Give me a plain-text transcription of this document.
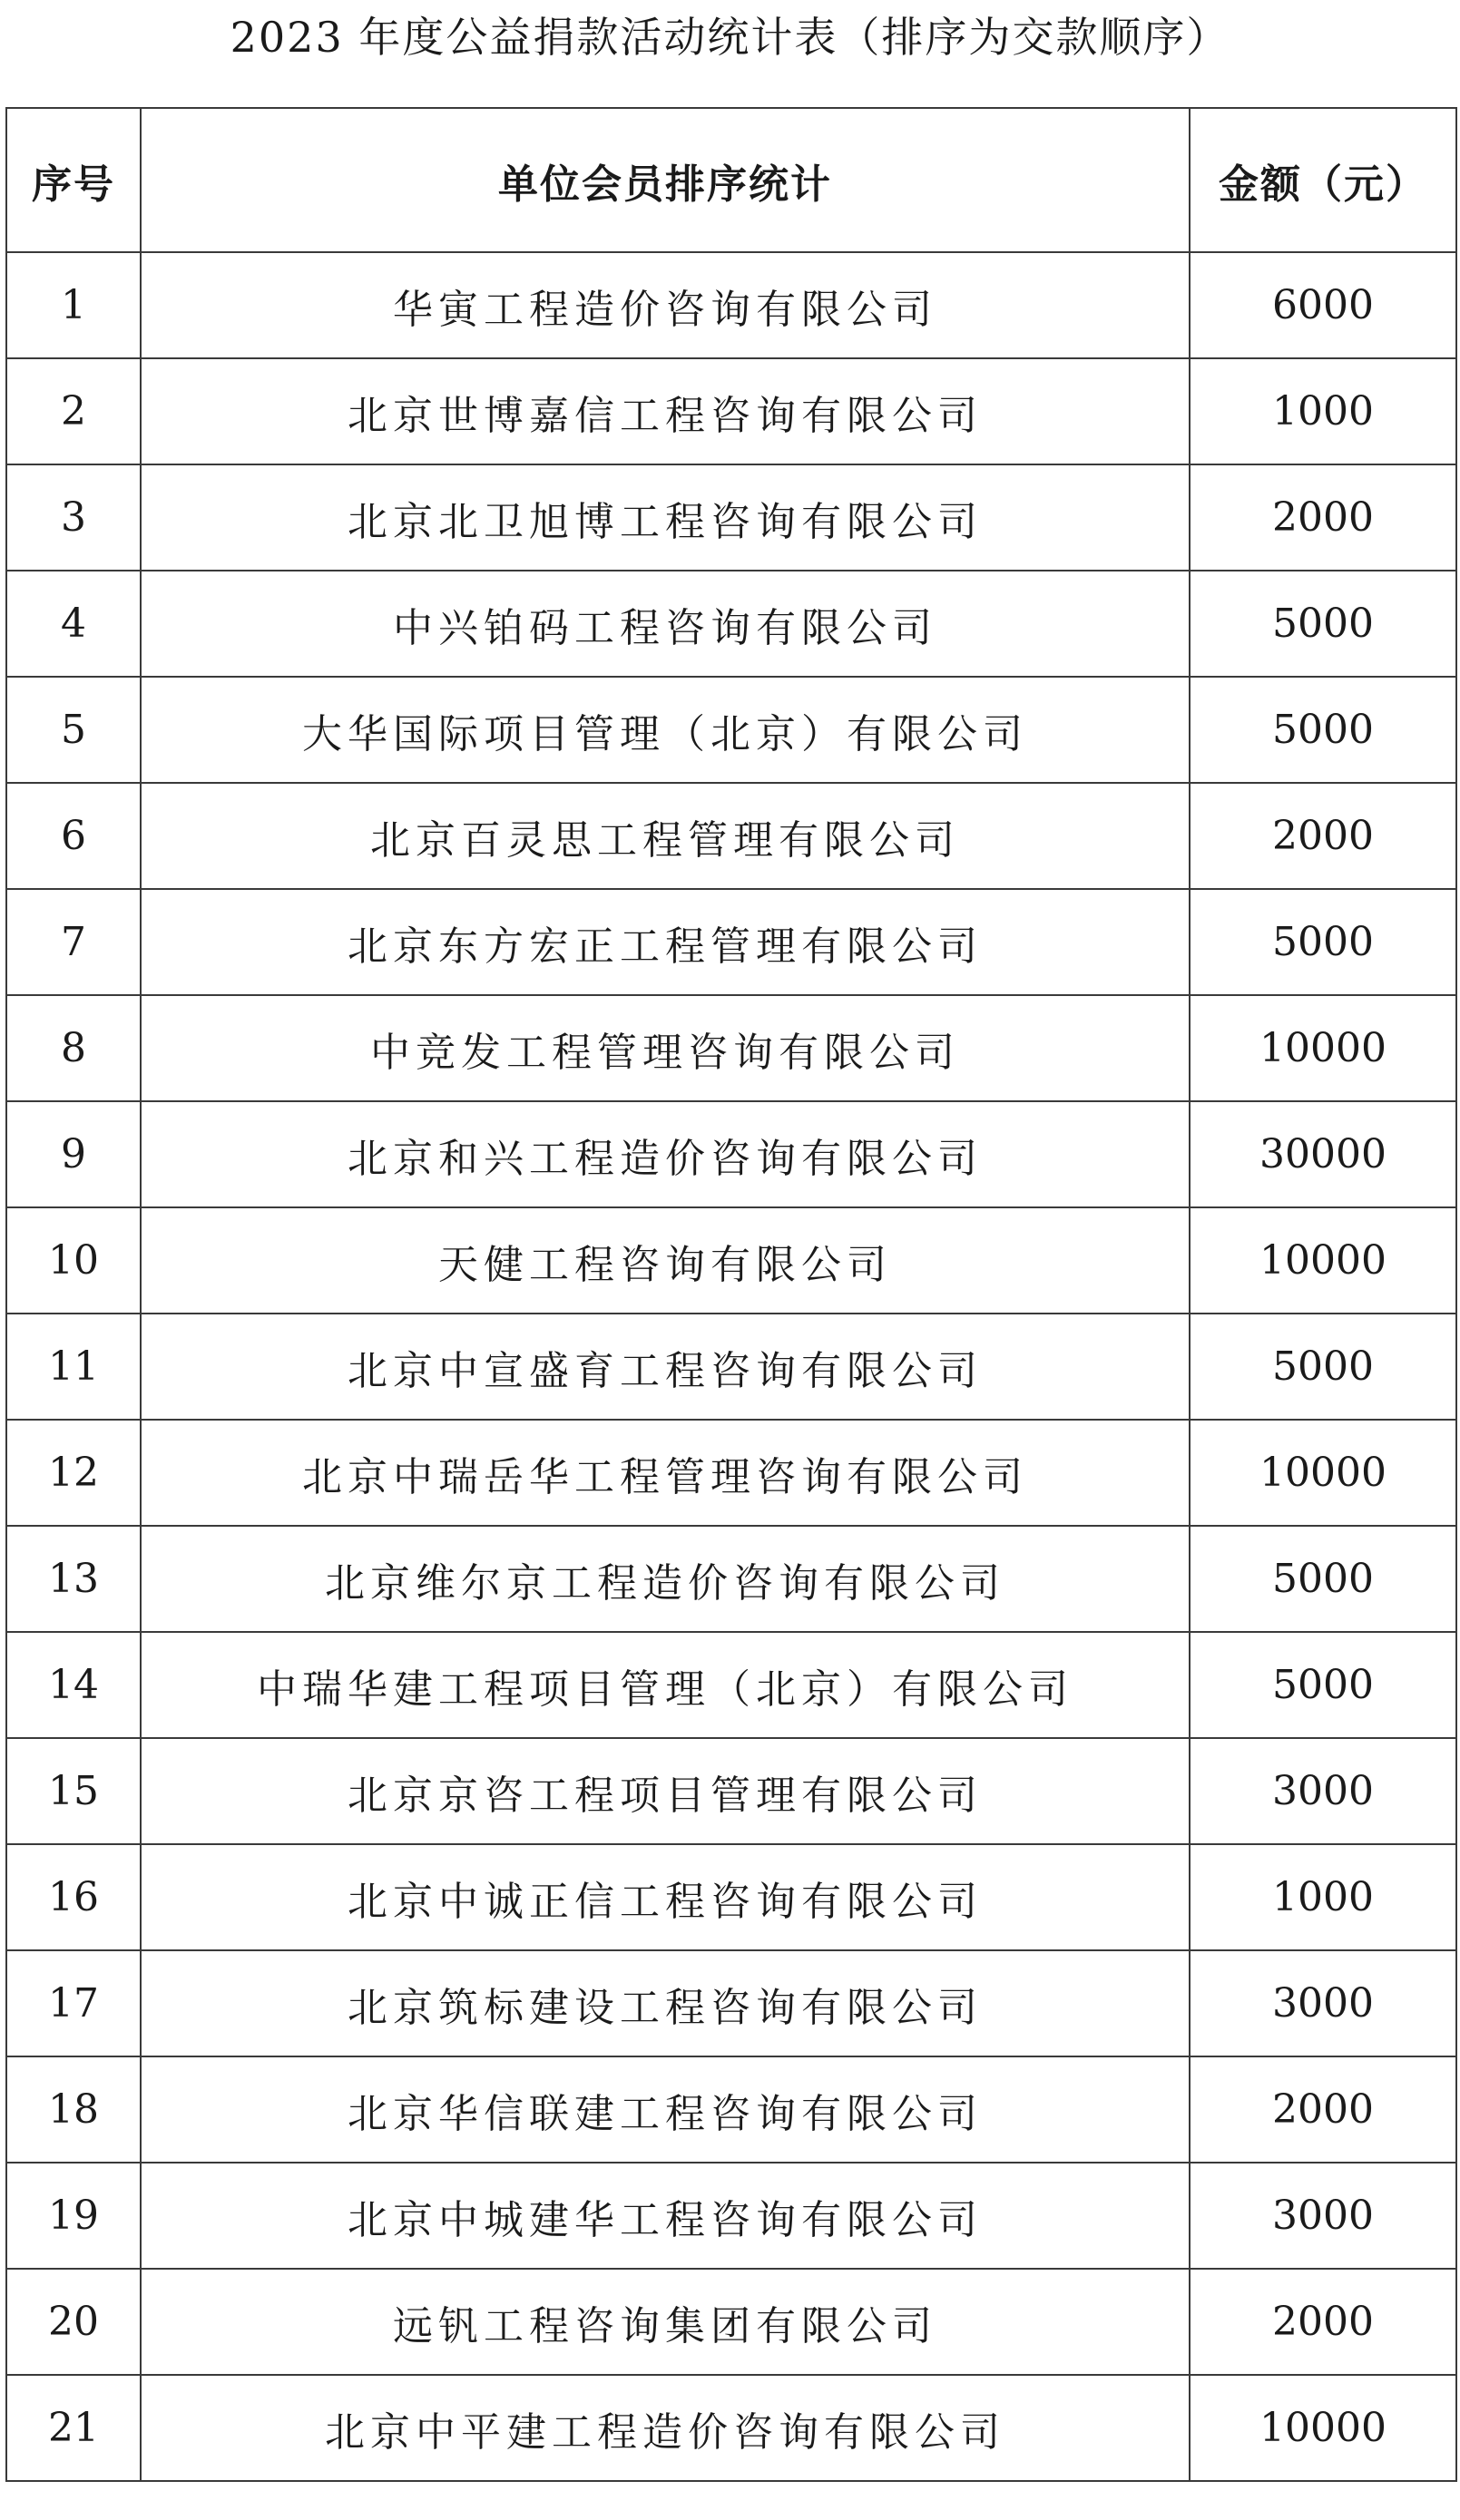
2023 年度公益捐款活动统计表（排序为交款顺序）
序号	单位会员排序统计	金额（元）
1	华寅工程造价咨询有限公司	6000
2	北京世博嘉信工程咨询有限公司	1000
3	北京北卫旭博工程咨询有限公司	2000
4	中兴铂码工程咨询有限公司	5000
5	大华国际项目管理（北京）有限公司	5000
6	北京百灵思工程管理有限公司	2000
7	北京东方宏正工程管理有限公司	5000
8	中竞发工程管理咨询有限公司	10000
9	北京和兴工程造价咨询有限公司	30000
10	天健工程咨询有限公司	10000
11	北京中宣盛育工程咨询有限公司	5000
12	北京中瑞岳华工程管理咨询有限公司	10000
13	北京维尔京工程造价咨询有限公司	5000
14	中瑞华建工程项目管理（北京）有限公司	5000
15	北京京咨工程项目管理有限公司	3000
16	北京中诚正信工程咨询有限公司	1000
17	北京筑标建设工程咨询有限公司	3000
18	北京华信联建工程咨询有限公司	2000
19	北京中城建华工程咨询有限公司	3000
20	远钒工程咨询集团有限公司	2000
21	北京中平建工程造价咨询有限公司	10000
